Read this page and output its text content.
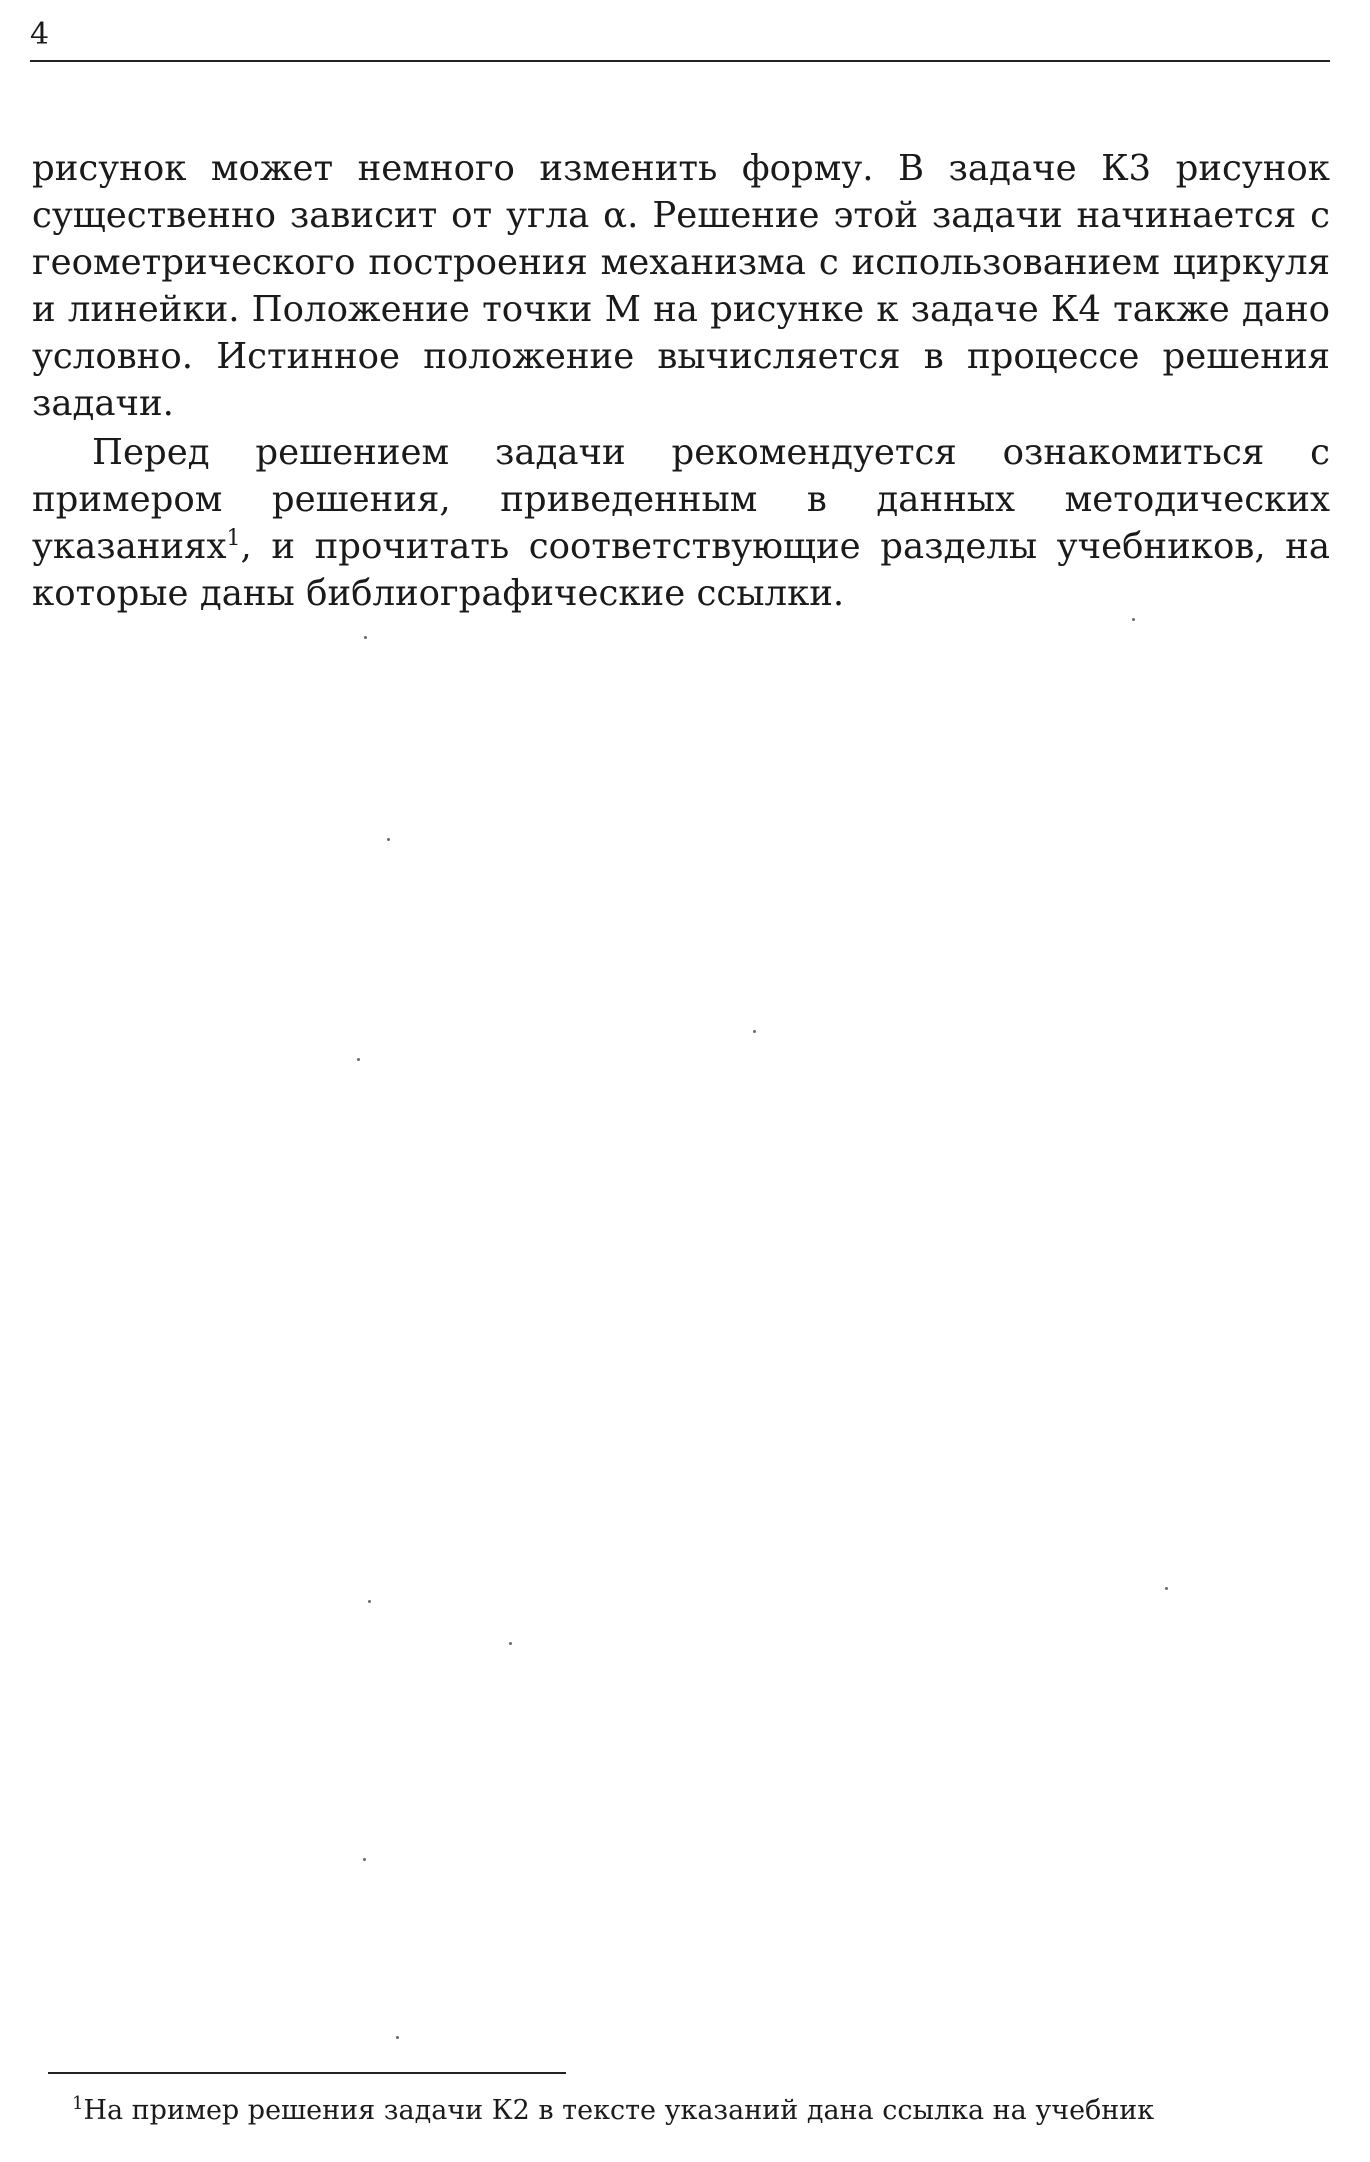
4

рисунок может немного изменить форму. В задаче К3 рисунок существенно зависит от угла α. Решение этой задачи начинается с геометрического построения механизма с использованием циркуля и линейки. Положение точки М на рисунке к задаче К4 также дано условно. Истинное положение вычисляется в процессе решения задачи.

Перед решением задачи рекомендуется ознакомиться с примером решения, приведенным в данных методических указаниях$^1$, и прочитать соответствующие разделы учебников, на которые даны библиографические ссылки.

$^1$На пример решения задачи К2 в тексте указаний дана ссылка на учебник
